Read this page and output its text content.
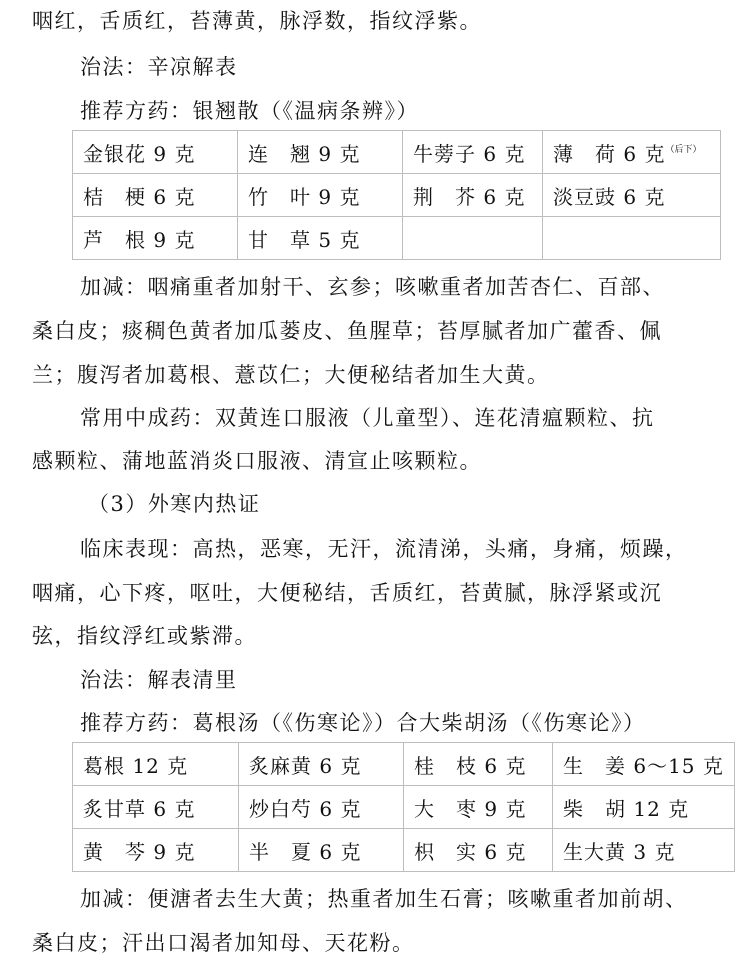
咽红，舌质红，苔薄黄，脉浮数，指纹浮紫。
治法：辛凉解表
推荐方药：银翘散（《温病条辨》）
金银花 9 克	连　翘 9 克	牛蒡子 6 克	薄　荷 6 克$^{(后下)}$
桔　梗 6 克	竹　叶 9 克	荆　芥 6 克	淡豆豉 6 克
芦　根 9 克	甘　草 5 克		
加减：咽痛重者加射干、玄参；咳嗽重者加苦杏仁、百部、
桑白皮；痰稠色黄者加瓜蒌皮、鱼腥草；苔厚腻者加广藿香、佩
兰；腹泻者加葛根、薏苡仁；大便秘结者加生大黄。
常用中成药：双黄连口服液（儿童型）、连花清瘟颗粒、抗
感颗粒、蒲地蓝消炎口服液、清宣止咳颗粒。
（3）外寒内热证
临床表现：高热，恶寒，无汗，流清涕，头痛，身痛，烦躁，
咽痛，心下疼，呕吐，大便秘结，舌质红，苔黄腻，脉浮紧或沉
弦，指纹浮红或紫滞。
治法：解表清里
推荐方药：葛根汤（《伤寒论》）合大柴胡汤（《伤寒论》）
葛根 12 克	炙麻黄 6 克	桂　枝 6 克	生　姜 6～15 克
炙甘草 6 克	炒白芍 6 克	大　枣 9 克	柴　胡 12 克
黄　芩 9 克	半　夏 6 克	枳　实 6 克	生大黄 3 克
加减：便溏者去生大黄；热重者加生石膏；咳嗽重者加前胡、
桑白皮；汗出口渴者加知母、天花粉。
